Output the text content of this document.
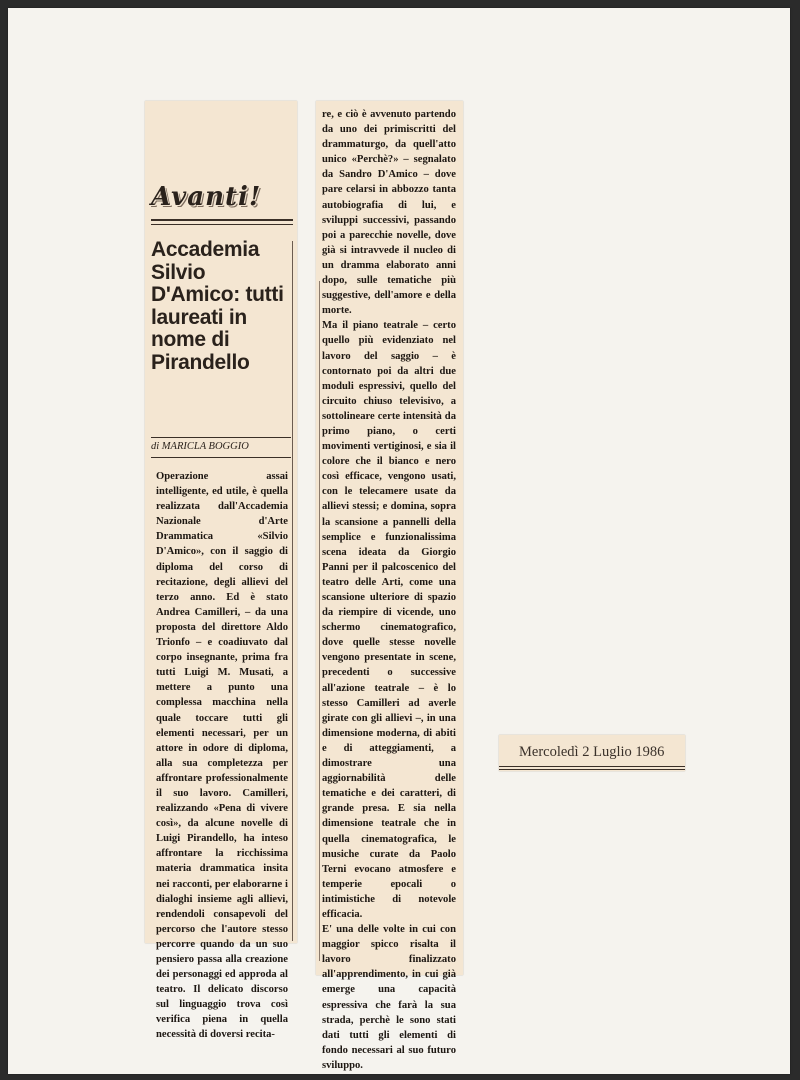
Avanti!
Accademia Silvio D'Amico: tutti laureati in nome di Pirandello
di MARICLA BOGGIO

Operazione assai intelligente, ed utile, è quella realizzata dall'Accademia Nazionale d'Arte Drammatica «Silvio D'Amico», con il saggio di diploma del corso di recitazione, degli allievi del terzo anno. Ed è stato Andrea Camilleri, – da una proposta del direttore Aldo Trionfo – e coadiuvato dal corpo insegnante, prima fra tutti Luigi M. Musati, a mettere a punto una complessa macchina nella quale toccare tutti gli elementi necessari, per un attore in odore di diploma, alla sua completezza per affrontare professionalmente il suo lavoro. Camilleri, realizzando «Pena di vivere così», da alcune novelle di Luigi Pirandello, ha inteso affrontare la ricchissima materia drammatica insita nei racconti, per elaborarne i dialoghi insieme agli allievi, rendendoli consapevoli del percorso che l'autore stesso percorre quando da un suo pensiero passa alla creazione dei personaggi ed approda al teatro. Il delicato discorso sul linguaggio trova così verifica piena in quella necessità di doversi recita-

re, e ciò è avvenuto partendo da uno dei primiscritti del drammaturgo, da quell'atto unico «Perchè?» – segnalato da Sandro D'Amico – dove pare celarsi in abbozzo tanta autobiografia di lui, e sviluppi successivi, passando poi a parecchie novelle, dove già si intravvede il nucleo di un dramma elaborato anni dopo, sulle tematiche più suggestive, dell'amore e della morte.
Ma il piano teatrale – certo quello più evidenziato nel lavoro del saggio – è contornato poi da altri due moduli espressivi, quello del circuito chiuso televisivo, a sottolineare certe intensità da primo piano, o certi movimenti vertiginosi, e sia il colore che il bianco e nero così efficace, vengono usati, con le telecamere usate da allievi stessi; e domina, sopra la scansione a pannelli della semplice e funzionalissima scena ideata da Giorgio Panni per il palcoscenico del teatro delle Arti, come una scansione ulteriore di spazio da riempire di vicende, uno schermo cinematografico, dove quelle stesse novelle vengono presentate in scene, precedenti o successive all'azione teatrale – è lo stesso Camilleri ad averle girate con gli allievi –, in una dimensione moderna, di abiti e di atteggiamenti, a dimostrare una aggiornabilità delle tematiche e dei caratteri, di grande presa. E sia nella dimensione teatrale che in quella cinematografica, le musiche curate da Paolo Terni evocano atmosfere e temperie epocali o intimistiche di notevole efficacia.
E' una delle volte in cui con maggior spicco risalta il lavoro finalizzato all'apprendimento, in cui già emerge una capacità espressiva che farà la sua strada, perchè le sono stati dati tutti gli elementi di fondo necessari al suo futuro sviluppo.

Mercoledì 2 Luglio 1986
